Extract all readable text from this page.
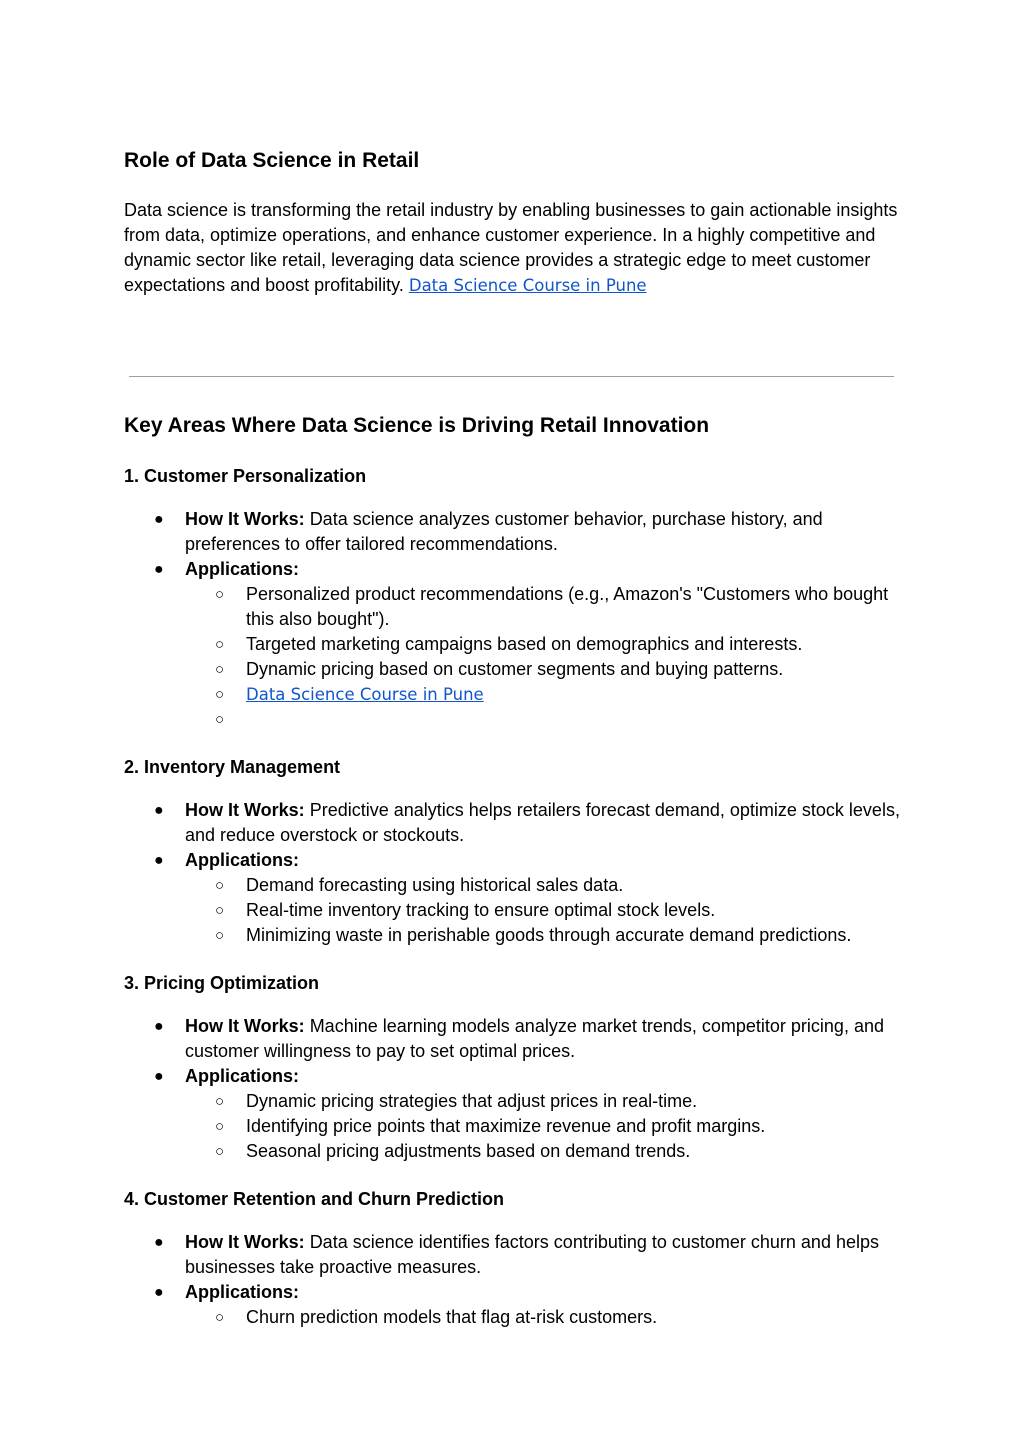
Role of Data Science in Retail

Data science is transforming the retail industry by enabling businesses to gain actionable insights from data, optimize operations, and enhance customer experience. In a highly competitive and dynamic sector like retail, leveraging data science provides a strategic edge to meet customer expectations and boost profitability. Data Science Course in Pune

Key Areas Where Data Science is Driving Retail Innovation
1. Customer Personalization
● How It Works: Data science analyzes customer behavior, purchase history, and preferences to offer tailored recommendations.
● Applications:
○ Personalized product recommendations (e.g., Amazon's "Customers who bought this also bought").
○ Targeted marketing campaigns based on demographics and interests.
○ Dynamic pricing based on customer segments and buying patterns.
○ Data Science Course in Pune
○
2. Inventory Management
● How It Works: Predictive analytics helps retailers forecast demand, optimize stock levels, and reduce overstock or stockouts.
● Applications:
○ Demand forecasting using historical sales data.
○ Real-time inventory tracking to ensure optimal stock levels.
○ Minimizing waste in perishable goods through accurate demand predictions.
3. Pricing Optimization
● How It Works: Machine learning models analyze market trends, competitor pricing, and customer willingness to pay to set optimal prices.
● Applications:
○ Dynamic pricing strategies that adjust prices in real-time.
○ Identifying price points that maximize revenue and profit margins.
○ Seasonal pricing adjustments based on demand trends.
4. Customer Retention and Churn Prediction
● How It Works: Data science identifies factors contributing to customer churn and helps businesses take proactive measures.
● Applications:
○ Churn prediction models that flag at-risk customers.
